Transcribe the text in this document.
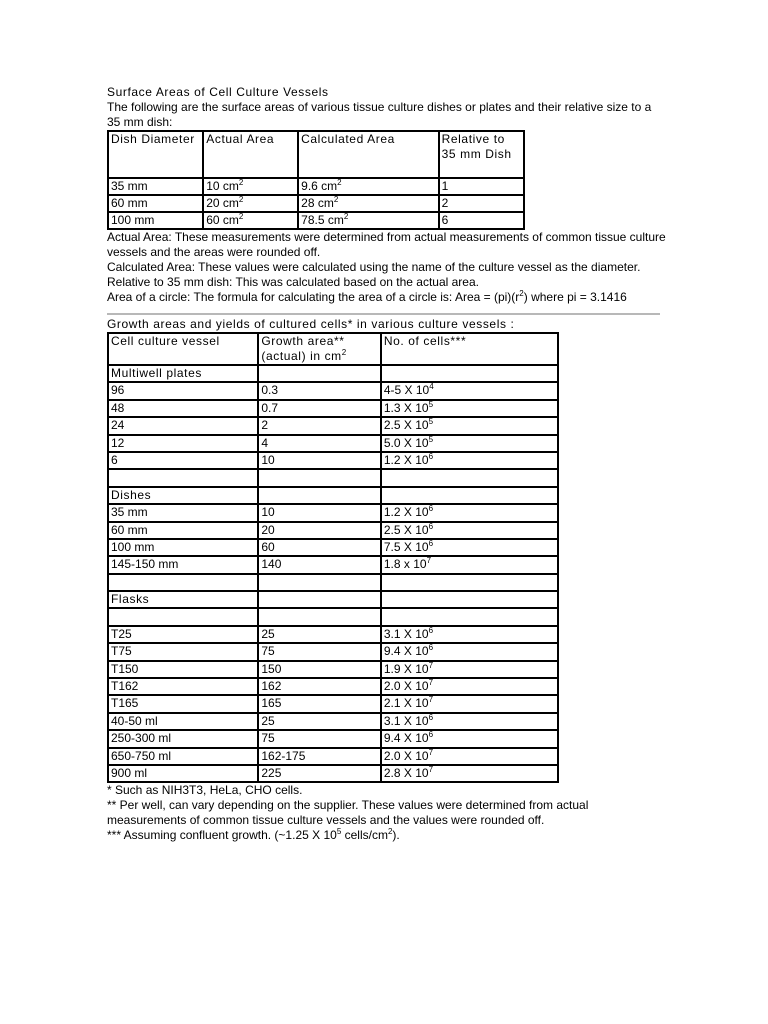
Surface Areas of Cell Culture Vessels

The following are the surface areas of various tissue culture dishes or plates and their relative size to a 35 mm dish:

Dish Diameter	Actual Area	Calculated Area	Relative to 35 mm Dish
35 mm	10 $cm^2$	9.6 $cm^2$	1
60 mm	20 $cm^2$	28 $cm^2$	2
100 mm	60 $cm^2$	78.5 $cm^2$	6

Actual Area: These measurements were determined from actual measurements of common tissue culture vessels and the areas were rounded off.

Calculated Area: These values were calculated using the name of the culture vessel as the diameter.

Relative to 35 mm dish: This was calculated based on the actual area.

Area of a circle: The formula for calculating the area of a circle is: Area = $(pi)(r^2)$ where pi = 3.1416

Growth areas and yields of cultured cells* in various culture vessels :

Cell culture vessel	Growth area** (actual) in $cm^2$	No. of cells***
Multiwell plates		
96	0.3	4-5 X $10^4$
48	0.7	1.3 X $10^5$
24	2	2.5 X $10^5$
12	4	5.0 X $10^5$
6	10	1.2 X $10^6$

Dishes		
35 mm	10	1.2 X $10^6$
60 mm	20	2.5 X $10^6$
100 mm	60	7.5 X $10^6$
145-150 mm	140	1.8 x $10^7$

Flasks		

T25	25	3.1 X $10^6$
T75	75	9.4 X $10^6$
T150	150	1.9 X $10^7$
T162	162	2.0 X $10^7$
T165	165	2.1 X $10^7$
40-50 ml	25	3.1 X $10^6$
250-300 ml	75	9.4 X $10^6$
650-750 ml	162-175	2.0 X $10^7$
900 ml	225	2.8 X $10^7$

* Such as NIH3T3, HeLa, CHO cells.

** Per well, can vary depending on the supplier. These values were determined from actual measurements of common tissue culture vessels and the values were rounded off.

*** Assuming confluent growth. (~1.25 X $10^5$ cells/$cm^2$).
